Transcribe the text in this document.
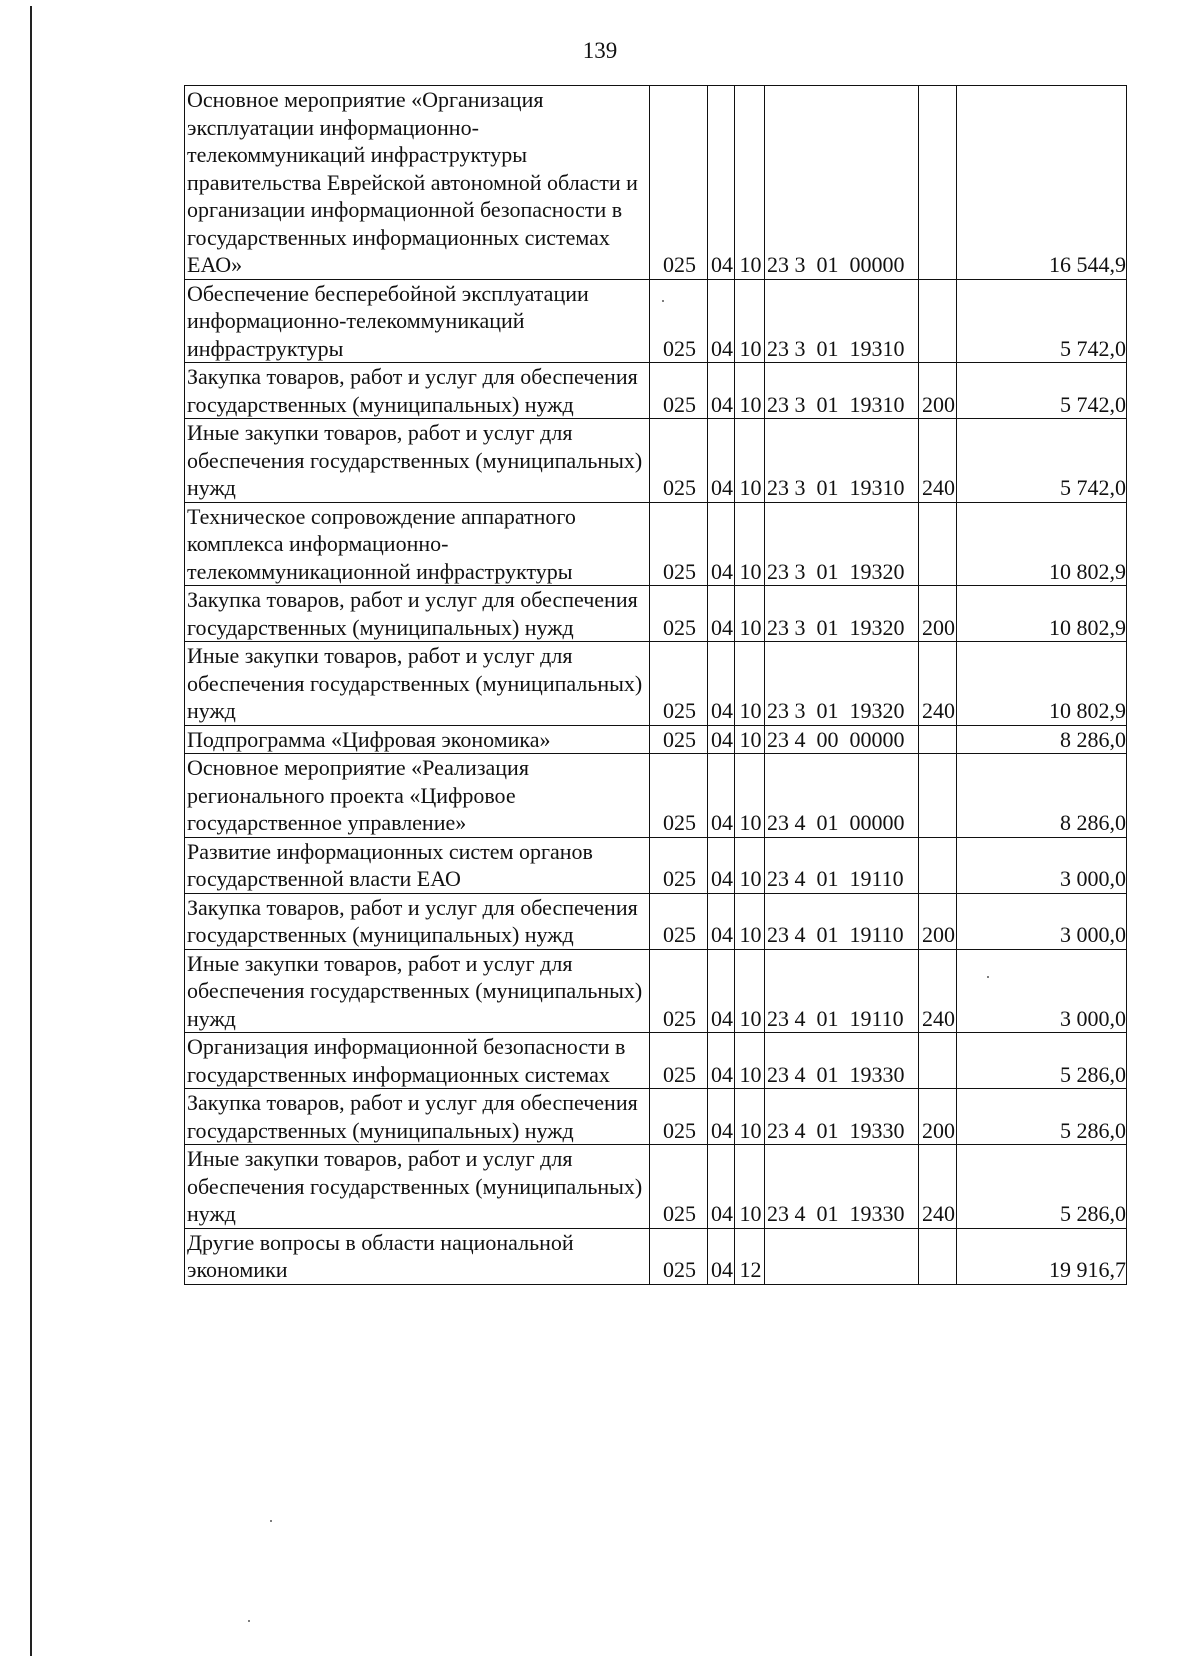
139
Основное мероприятие «Организация эксплуатации информационно-телекоммуникаций инфраструктуры правительства Еврейской автономной области и организации информационной безопасности в государственных информационных системах ЕАО»	025	04	10	23 3  01  00000		16 544,9
Обеспечение бесперебойной эксплуатации информационно-телекоммуникаций инфраструктуры	025	04	10	23 3  01  19310		5 742,0
Закупка товаров, работ и услуг для обеспечения государственных (муниципальных) нужд	025	04	10	23 3  01  19310	200	5 742,0
Иные закупки товаров, работ и услуг для обеспечения государственных (муниципальных) нужд	025	04	10	23 3  01  19310	240	5 742,0
Техническое сопровождение аппаратного комплекса информационно-телекоммуникационной инфраструктуры	025	04	10	23 3  01  19320		10 802,9
Закупка товаров, работ и услуг для обеспечения государственных (муниципальных) нужд	025	04	10	23 3  01  19320	200	10 802,9
Иные закупки товаров, работ и услуг для обеспечения государственных (муниципальных) нужд	025	04	10	23 3  01  19320	240	10 802,9
Подпрограмма «Цифровая экономика»	025	04	10	23 4  00  00000		8 286,0
Основное мероприятие «Реализация регионального проекта «Цифровое государственное управление»	025	04	10	23 4  01  00000		8 286,0
Развитие информационных систем органов государственной власти ЕАО	025	04	10	23 4  01  19110		3 000,0
Закупка товаров, работ и услуг для обеспечения государственных (муниципальных) нужд	025	04	10	23 4  01  19110	200	3 000,0
Иные закупки товаров, работ и услуг для обеспечения государственных (муниципальных) нужд	025	04	10	23 4  01  19110	240	3 000,0
Организация информационной безопасности в государственных информационных системах	025	04	10	23 4  01  19330		5 286,0
Закупка товаров, работ и услуг для обеспечения государственных (муниципальных) нужд	025	04	10	23 4  01  19330	200	5 286,0
Иные закупки товаров, работ и услуг для обеспечения государственных (муниципальных) нужд	025	04	10	23 4  01  19330	240	5 286,0
Другие вопросы в области национальной экономики	025	04	12			19 916,7
